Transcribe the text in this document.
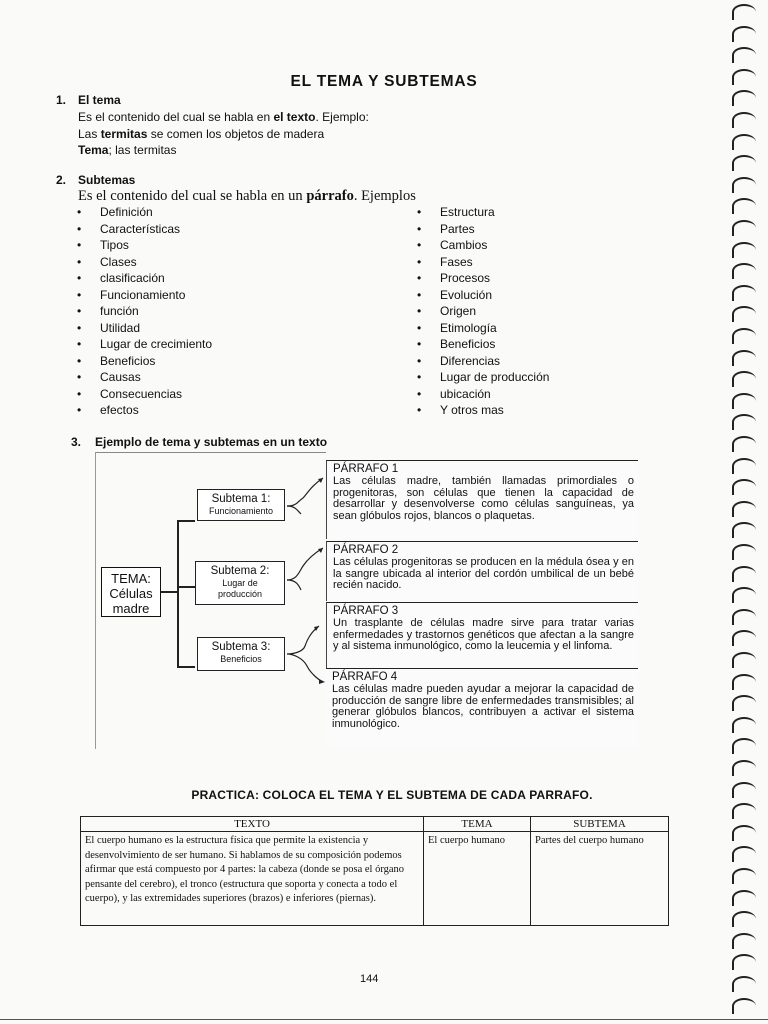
EL TEMA Y SUBTEMAS
1. El tema
Es el contenido del cual se habla en el texto. Ejemplo:
Las termitas se comen los objetos de madera
Tema; las termitas
2. Subtemas
Es el contenido del cual se habla en un párrafo. Ejemplos
• Definición
• Características
• Tipos
• Clases
• clasificación
• Funcionamiento
• función
• Utilidad
• Lugar de crecimiento
• Beneficios
• Causas
• Consecuencias
• efectos
• Estructura
• Partes
• Cambios
• Fases
• Procesos
• Evolución
• Origen
• Etimología
• Beneficios
• Diferencias
• Lugar de producción
• ubicación
• Y otros mas
3. Ejemplo de tema y subtemas en un texto
TEMA:
Células
madre
Subtema 1:
Funcionamiento
Subtema 2:
Lugar de producción
Subtema 3:
Beneficios
PÁRRAFO 1
Las células madre, también llamadas primordiales o progenitoras, son células que tienen la capacidad de desarrollar y desenvolverse como células sanguíneas, ya sean glóbulos rojos, blancos o plaquetas.
PÁRRAFO 2
Las células progenitoras se producen en la médula ósea y en la sangre ubicada al interior del cordón umbilical de un bebé recién nacido.
PÁRRAFO 3
Un trasplante de células madre sirve para tratar varias enfermedades y trastornos genéticos que afectan a la sangre y al sistema inmunológico, como la leucemia y el linfoma.
PÁRRAFO 4
Las células madre pueden ayudar a mejorar la capacidad de producción de sangre libre de enfermedades transmisibles; al generar glóbulos blancos, contribuyen a activar el sistema inmunológico.
PRACTICA: COLOCA EL TEMA Y EL SUBTEMA DE CADA PARRAFO.
TEXTO	TEMA	SUBTEMA
El cuerpo humano es la estructura física que permite la existencia y desenvolvimiento de ser humano. Si hablamos de su composición podemos afirmar que está compuesto por 4 partes: la cabeza (donde se posa el órgano pensante del cerebro), el tronco (estructura que soporta y conecta a todo el cuerpo), y las extremidades superiores (brazos) e inferiores (piernas).	El cuerpo humano	Partes del cuerpo humano
144
